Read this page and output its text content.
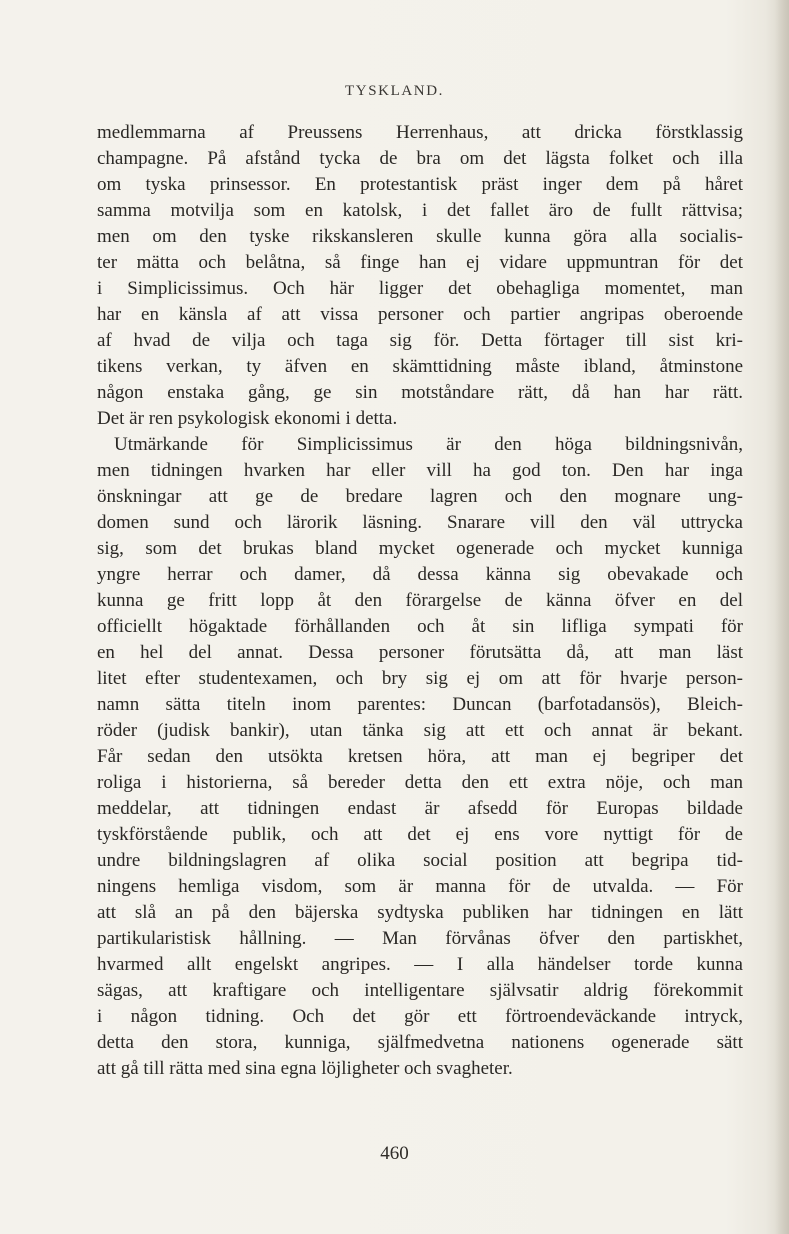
TYSKLAND.
medlemmarna af Preussens Herrenhaus, att dricka förstklassig
champagne. På afstånd tycka de bra om det lägsta folket och illa
om tyska prinsessor. En protestantisk präst inger dem på håret
samma motvilja som en katolsk, i det fallet äro de fullt rättvisa;
men om den tyske rikskansleren skulle kunna göra alla socialis-
ter mätta och belåtna, så finge han ej vidare uppmuntran för det
i Simplicissimus. Och här ligger det obehagliga momentet, man
har en känsla af att vissa personer och partier angripas oberoende
af hvad de vilja och taga sig för. Detta förtager till sist kri-
tikens verkan, ty äfven en skämttidning måste ibland, åtminstone
någon enstaka gång, ge sin motståndare rätt, då han har rätt.
Det är ren psykologisk ekonomi i detta.
Utmärkande för Simplicissimus är den höga bildningsnivån,
men tidningen hvarken har eller vill ha god ton. Den har inga
önskningar att ge de bredare lagren och den mognare ung-
domen sund och lärorik läsning. Snarare vill den väl uttrycka
sig, som det brukas bland mycket ogenerade och mycket kunniga
yngre herrar och damer, då dessa känna sig obevakade och
kunna ge fritt lopp åt den förargelse de känna öfver en del
officiellt högaktade förhållanden och åt sin lifliga sympati för
en hel del annat. Dessa personer förutsätta då, att man läst
litet efter studentexamen, och bry sig ej om att för hvarje person-
namn sätta titeln inom parentes: Duncan (barfotadansös), Bleich-
röder (judisk bankir), utan tänka sig att ett och annat är bekant.
Får sedan den utsökta kretsen höra, att man ej begriper det
roliga i historierna, så bereder detta den ett extra nöje, och man
meddelar, att tidningen endast är afsedd för Europas bildade
tyskförstående publik, och att det ej ens vore nyttigt för de
undre bildningslagren af olika social position att begripa tid-
ningens hemliga visdom, som är manna för de utvalda. — För
att slå an på den bäjerska sydtyska publiken har tidningen en lätt
partikularistisk hållning. — Man förvånas öfver den partiskhet,
hvarmed allt engelskt angripes. — I alla händelser torde kunna
sägas, att kraftigare och intelligentare självsatir aldrig förekommit
i någon tidning. Och det gör ett förtroendeväckande intryck,
detta den stora, kunniga, själfmedvetna nationens ogenerade sätt
att gå till rätta med sina egna löjligheter och svagheter.
460
